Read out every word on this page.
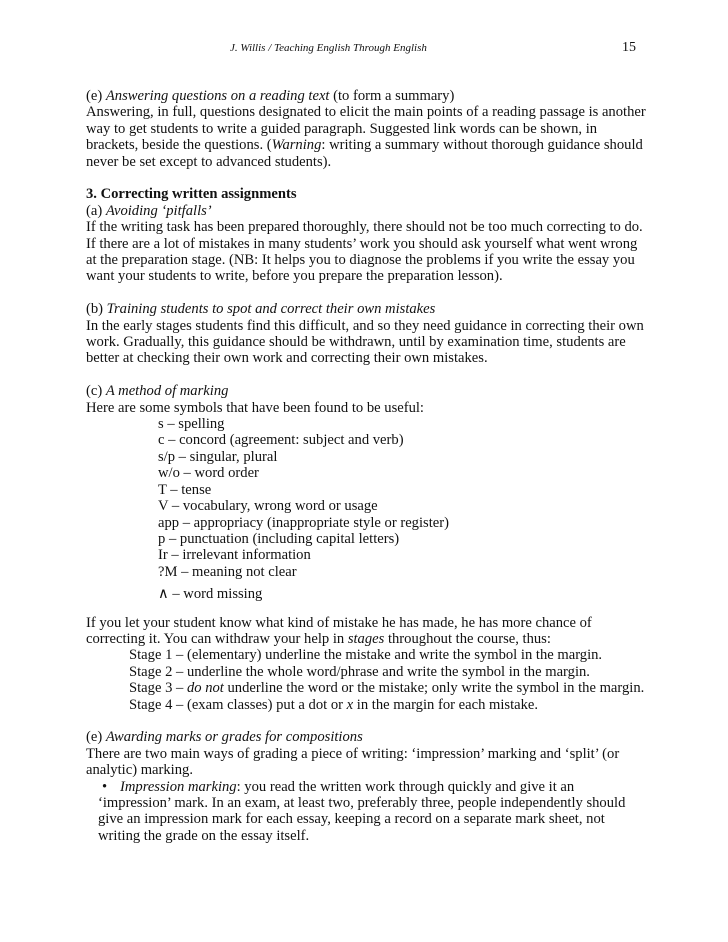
J. Willis / Teaching English Through English	15

(e) Answering questions on a reading text (to form a summary)

Answering, in full, questions designated to elicit the main points of a reading passage is another way to get students to write a guided paragraph. Suggested link words can be shown, in brackets, beside the questions. (Warning: writing a summary without thorough guidance should never be set except to advanced students).

3. Correcting written assignments

(a) Avoiding ‘pitfalls’

If the writing task has been prepared thoroughly, there should not be too much correcting to do. If there are a lot of mistakes in many students’ work you should ask yourself what went wrong at the preparation stage. (NB: It helps you to diagnose the problems if you write the essay you want your students to write, before you prepare the preparation lesson).

(b) Training students to spot and correct their own mistakes

In the early stages students find this difficult, and so they need guidance in correcting their own work. Gradually, this guidance should be withdrawn, until by examination time, students are better at checking their own work and correcting their own mistakes.

(c) A method of marking

Here are some symbols that have been found to be useful:

s – spelling

c – concord (agreement: subject and verb)

s/p – singular, plural

w/o – word order

T – tense

V – vocabulary, wrong word or usage

app – appropriacy (inappropriate style or register)

p – punctuation (including capital letters)

Ir – irrelevant information

?M – meaning not clear

∧ – word missing

If you let your student know what kind of mistake he has made, he has more chance of correcting it. You can withdraw your help in stages throughout the course, thus:

Stage 1 – (elementary) underline the mistake and write the symbol in the margin.

Stage 2 – underline the whole word/phrase and write the symbol in the margin.

Stage 3 – do not underline the word or the mistake; only write the symbol in the margin.

Stage 4 – (exam classes) put a dot or x in the margin for each mistake.

(e) Awarding marks or grades for compositions

There are two main ways of grading a piece of writing: ‘impression’ marking and ‘split’ (or analytic) marking.

• Impression marking: you read the written work through quickly and give it an ‘impression’ mark. In an exam, at least two, preferably three, people independently should give an impression mark for each essay, keeping a record on a separate mark sheet, not writing the grade on the essay itself.
